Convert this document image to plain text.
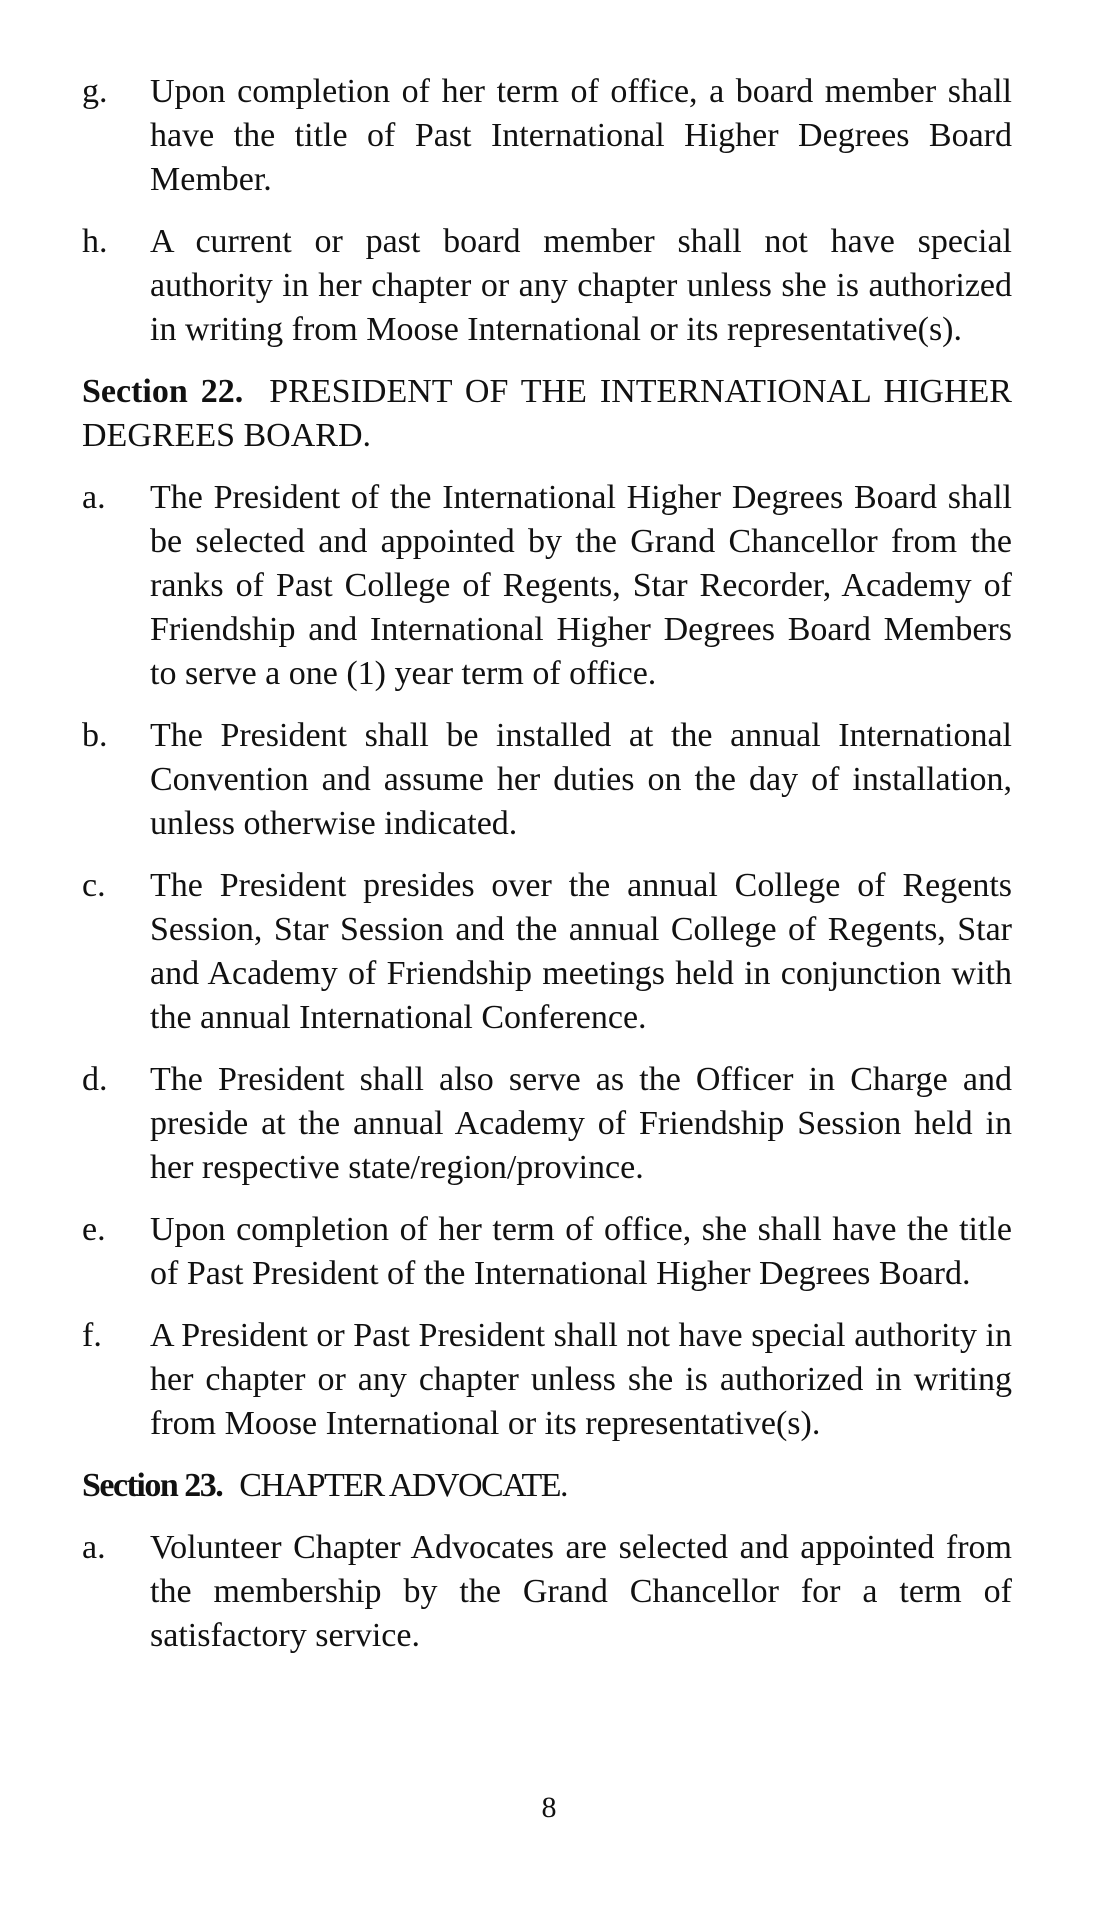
g.	Upon completion of her term of office, a board member shall have the title of Past International Higher Degrees Board Member.
h.	A current or past board member shall not have special authority in her chapter or any chapter unless she is authorized in writing from Moose International or its representative(s).
Section 22. PRESIDENT OF THE INTERNATIONAL HIGHER DEGREES BOARD.
a.	The President of the International Higher Degrees Board shall be selected and appointed by the Grand Chancellor from the ranks of Past College of Regents, Star Recorder, Academy of Friendship and International Higher Degrees Board Members to serve a one (1) year term of office.
b.	The President shall be installed at the annual International Convention and assume her duties on the day of installation, unless otherwise indicated.
c.	The President presides over the annual College of Regents Session, Star Session and the annual College of Regents, Star and Academy of Friendship meetings held in conjunction with the annual International Conference.
d.	The President shall also serve as the Officer in Charge and preside at the annual Academy of Friendship Session held in her respective state/region/province.
e.	Upon completion of her term of office, she shall have the title of Past President of the International Higher Degrees Board.
f.	A President or Past President shall not have special authority in her chapter or any chapter unless she is authorized in writing from Moose International or its representative(s).
Section 23. CHAPTER ADVOCATE.
a.	Volunteer Chapter Advocates are selected and appointed from the membership by the Grand Chancellor for a term of satisfactory service.
8
